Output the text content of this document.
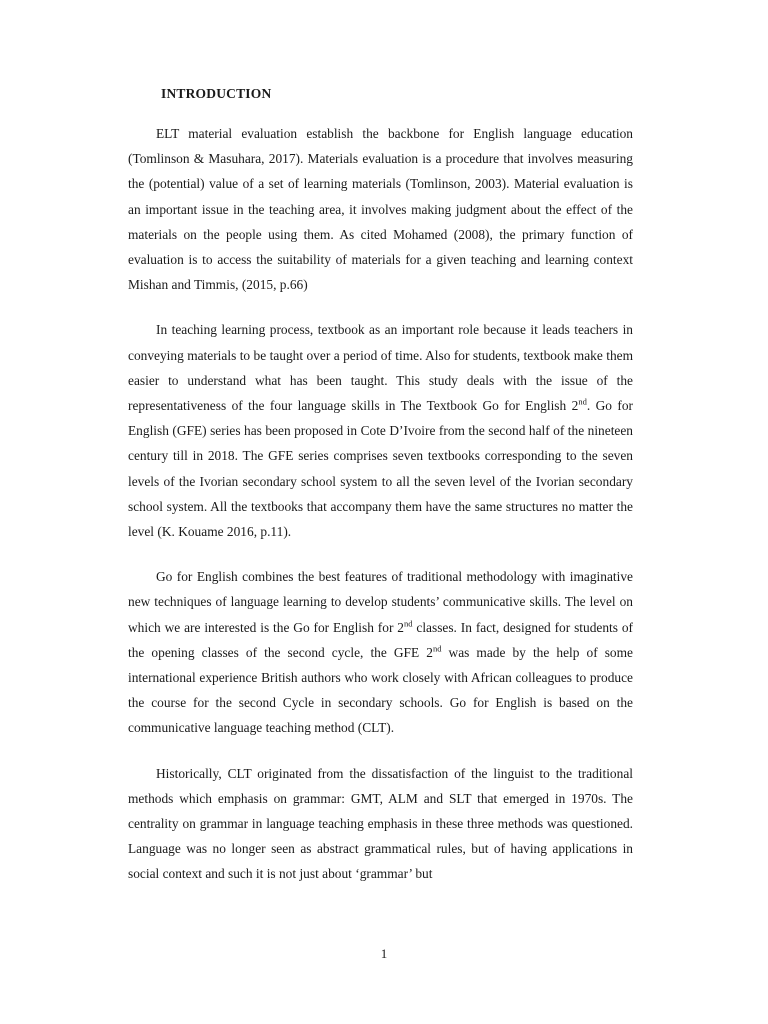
INTRODUCTION

ELT material evaluation establish the backbone for English language education (Tomlinson & Masuhara, 2017). Materials evaluation is a procedure that involves measuring the (potential) value of a set of learning materials (Tomlinson, 2003). Material evaluation is an important issue in the teaching area, it involves making judgment about the effect of the materials on the people using them. As cited Mohamed (2008), the primary function of evaluation is to access the suitability of materials for a given teaching and learning context Mishan and Timmis, (2015, p.66)

In teaching learning process, textbook as an important role because it leads teachers in conveying materials to be taught over a period of time. Also for students, textbook make them easier to understand what has been taught. This study deals with the issue of the representativeness of the four language skills in The Textbook Go for English 2nd. Go for English (GFE) series has been proposed in Cote D’Ivoire from the second half of the nineteen century till in 2018. The GFE series comprises seven textbooks corresponding to the seven levels of the Ivorian secondary school system to all the seven level of the Ivorian secondary school system. All the textbooks that accompany them have the same structures no matter the level (K. Kouame 2016, p.11).

Go for English combines the best features of traditional methodology with imaginative new techniques of language learning to develop students’ communicative skills. The level on which we are interested is the Go for English for 2nd classes. In fact, designed for students of the opening classes of the second cycle, the GFE 2nd was made by the help of some international experience British authors who work closely with African colleagues to produce the course for the second Cycle in secondary schools. Go for English is based on the communicative language teaching method (CLT).

Historically, CLT originated from the dissatisfaction of the linguist to the traditional methods which emphasis on grammar: GMT, ALM and SLT that emerged in 1970s. The centrality on grammar in language teaching emphasis in these three methods was questioned. Language was no longer seen as abstract grammatical rules, but of having applications in social context and such it is not just about ‘grammar’ but

1
